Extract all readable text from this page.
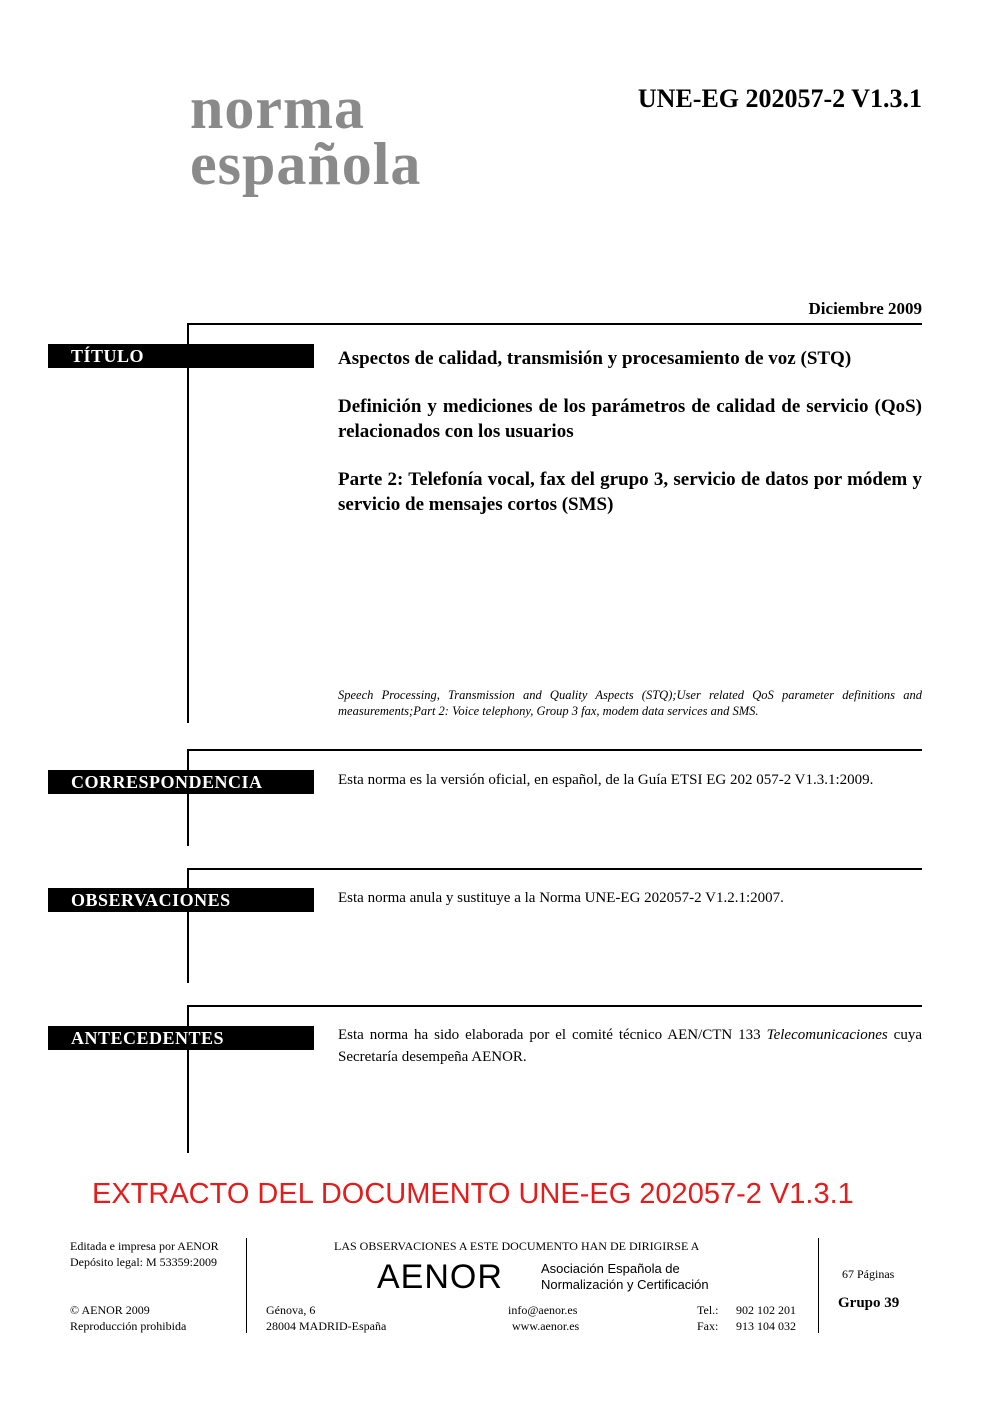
norma
española
UNE-EG 202057-2 V1.3.1
Diciembre 2009
TÍTULO	Aspectos de calidad, transmisión y procesamiento de voz (STQ)

Definición y mediciones de los parámetros de calidad de servicio (QoS) relacionados con los usuarios

Parte 2: Telefonía vocal, fax del grupo 3, servicio de datos por módem y servicio de mensajes cortos (SMS)

Speech Processing, Transmission and Quality Aspects (STQ);User related QoS parameter definitions and measurements;Part 2: Voice telephony, Group 3 fax, modem data services and SMS.
CORRESPONDENCIA	Esta norma es la versión oficial, en español, de la Guía ETSI EG 202 057-2 V1.3.1:2009.
OBSERVACIONES	Esta norma anula y sustituye a la Norma UNE-EG 202057-2 V1.2.1:2007.
ANTECEDENTES	Esta norma ha sido elaborada por el comité técnico AEN/CTN 133 Telecomunicaciones cuya Secretaría desempeña AENOR.
EXTRACTO DEL DOCUMENTO UNE-EG 202057-2 V1.3.1
Editada e impresa por AENOR
Depósito legal: M 53359:2009
© AENOR 2009
Reproducción prohibida
LAS OBSERVACIONES A ESTE DOCUMENTO HAN DE DIRIGIRSE A
AENOR	Asociación Española de
Normalización y Certificación
Génova, 6
28004 MADRID-España
info@aenor.es
www.aenor.es
Tel.: 902 102 201
Fax: 913 104 032
67 Páginas
Grupo 39
